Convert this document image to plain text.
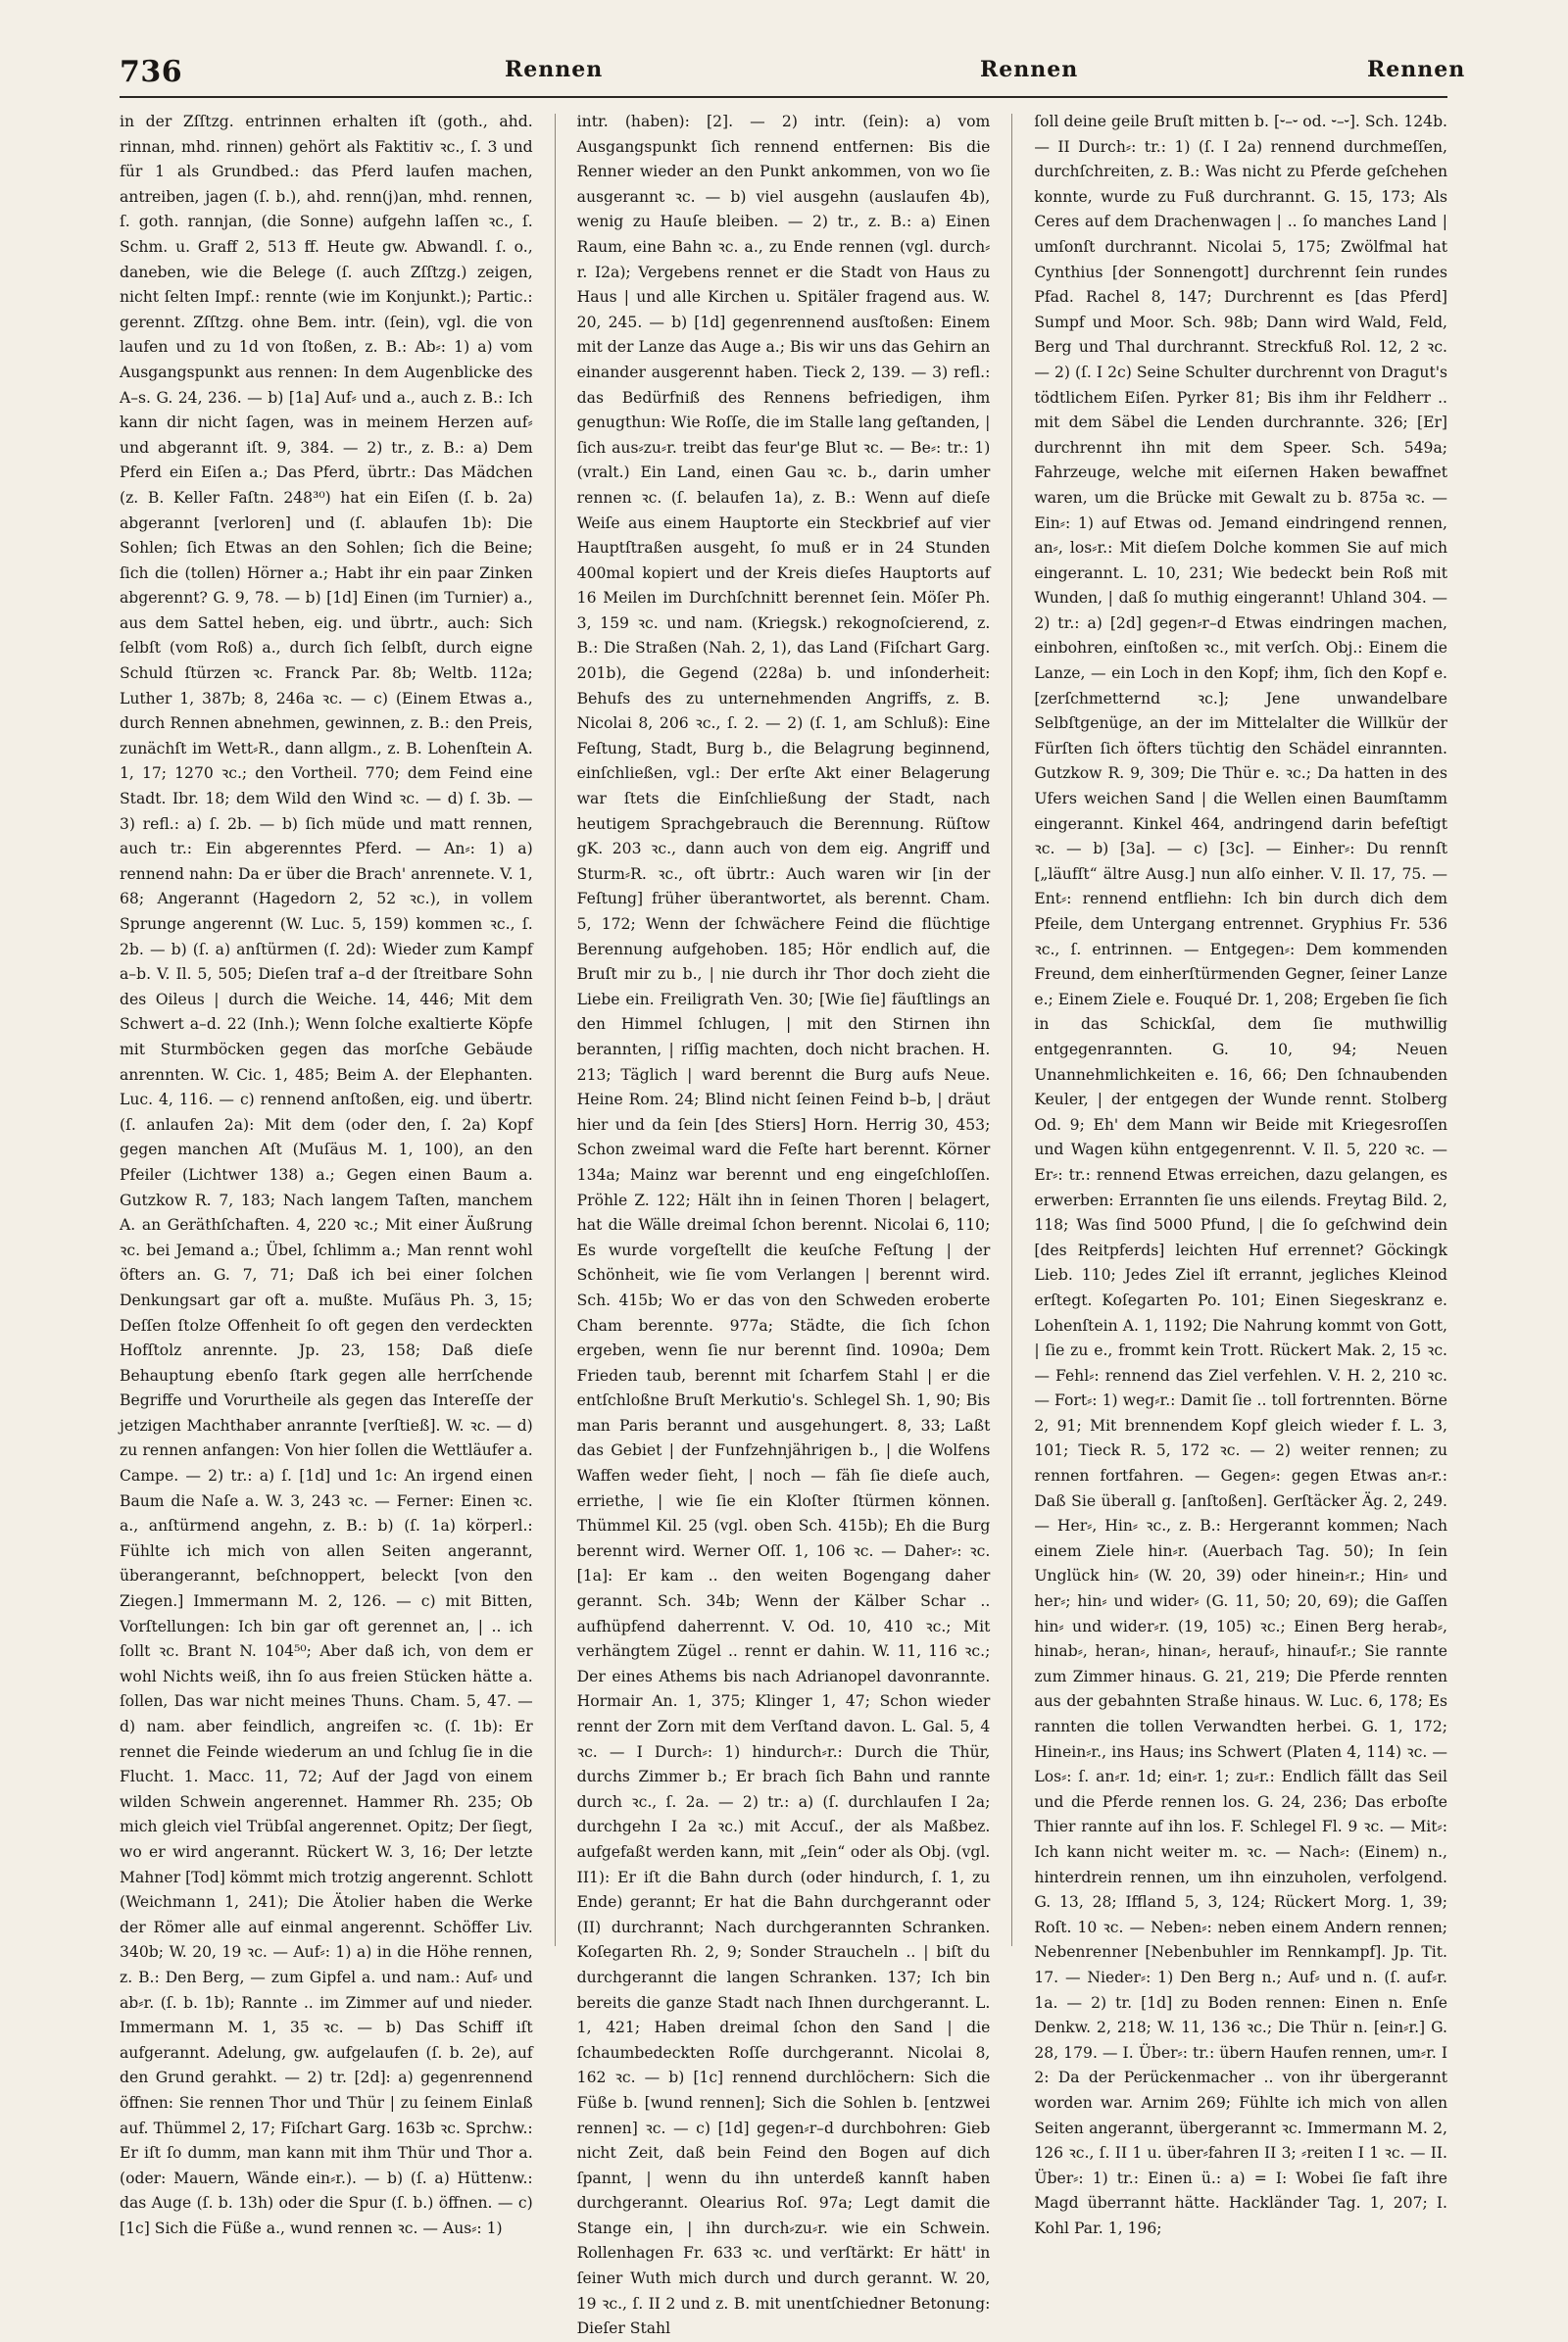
736	Rennen	Rennen	Rennen

in der Zſſtzg. entrinnen erhalten iſt (goth., ahd. rinnan, mhd. rinnen) gehört als Faktitiv ꝛc., ſ. 3 und für 1 als Grundbed.: das Pferd laufen machen, antreiben, jagen (ſ. b.), ahd. renn(j)an, mhd. rennen, ſ. goth. rannjan, (die Sonne) aufgehn laſſen ꝛc., ſ. Schm. u. Graff 2, 513 ff. Heute gw. Abwandl. ſ. o., daneben, wie die Belege (ſ. auch Zſſtzg.) zeigen, nicht ſelten Impf.: rennte (wie im Konjunkt.); Partic.: gerennt. Zſſtzg. ohne Bem. intr. (ſein), vgl. die von laufen und zu 1d von ſtoßen, z. B.: Ab⸗: 1) a) vom Ausgangspunkt aus rennen: In dem Augenblicke des A–s. G. 24, 236. — b) [1a] Auf⸗ und a., auch z. B.: Ich kann dir nicht ſagen, was in meinem Herzen auf⸗ und abgerannt iſt. 9, 384. — 2) tr., z. B.: a) Dem Pferd ein Eiſen a.; Das Pferd, übrtr.: Das Mädchen (z. B. Keller Faſtn. 248³⁰) hat ein Eiſen (ſ. b. 2a) abgerannt [verloren] und (ſ. ablaufen 1b): Die Sohlen; ſich Etwas an den Sohlen; ſich die Beine; ſich die (tollen) Hörner a.; Habt ihr ein paar Zinken abgerennt? G. 9, 78. — b) [1d] Einen (im Turnier) a., aus dem Sattel heben, eig. und übrtr., auch: Sich ſelbſt (vom Roß) a., durch ſich ſelbſt, durch eigne Schuld ſtürzen ꝛc. Franck Par. 8b; Weltb. 112a; Luther 1, 387b; 8, 246a ꝛc. — c) (Einem Etwas a., durch Rennen abnehmen, gewinnen, z. B.: den Preis, zunächſt im Wett⸗R., dann allgm., z. B. Lohenſtein A. 1, 17; 1270 ꝛc.; den Vortheil. 770; dem Feind eine Stadt. Ibr. 18; dem Wild den Wind ꝛc. — d) ſ. 3b. — 3) refl.: a) ſ. 2b. — b) ſich müde und matt rennen, auch tr.: Ein abgerenntes Pferd. — An⸗: 1) a) rennend nahn: Da er über die Brach' anrennete. V. 1, 68; Angerannt (Hagedorn 2, 52 ꝛc.), in vollem Sprunge angerennt (W. Luc. 5, 159) kommen ꝛc., ſ. 2b. — b) (ſ. a) anſtürmen (ſ. 2d): Wieder zum Kampf a–b. V. Il. 5, 505; Dieſen traf a–d der ſtreitbare Sohn des Oileus | durch die Weiche. 14, 446; Mit dem Schwert a–d. 22 (Inh.); Wenn ſolche exaltierte Köpfe mit Sturmböcken gegen das morſche Gebäude anrennten. W. Cic. 1, 485; Beim A. der Elephanten. Luc. 4, 116. — c) rennend anſtoßen, eig. und übertr. (ſ. anlaufen 2a): Mit dem (oder den, ſ. 2a) Kopf gegen manchen Aſt (Muſäus M. 1, 100), an den Pfeiler (Lichtwer 138) a.; Gegen einen Baum a. Gutzkow R. 7, 183; Nach langem Taſten, manchem A. an Geräthſchaften. 4, 220 ꝛc.; Mit einer Äußrung ꝛc. bei Jemand a.; Übel, ſchlimm a.; Man rennt wohl öfters an. G. 7, 71; Daß ich bei einer ſolchen Denkungsart gar oft a. mußte. Muſäus Ph. 3, 15; Deſſen ſtolze Offenheit ſo oft gegen den verdeckten Hofſtolz anrennte. Jp. 23, 158; Daß dieſe Behauptung ebenſo ſtark gegen alle herrſchende Begriffe und Vorurtheile als gegen das Intereſſe der jetzigen Machthaber anrannte [verſtieß]. W. ꝛc. — d) zu rennen anfangen: Von hier ſollen die Wettläufer a. Campe. — 2) tr.: a) ſ. [1d] und 1c: An irgend einen Baum die Naſe a. W. 3, 243 ꝛc. — Ferner: Einen ꝛc. a., anſtürmend angehn, z. B.: b) (ſ. 1a) körperl.: Fühlte ich mich von allen Seiten angerannt, überangerannt, beſchnoppert, beleckt [von den Ziegen.] Immermann M. 2, 126. — c) mit Bitten, Vorſtellungen: Ich bin gar oft gerennet an, | .. ich ſollt ꝛc. Brant N. 104⁵⁰; Aber daß ich, von dem er wohl Nichts weiß, ihn ſo aus freien Stücken hätte a. ſollen, Das war nicht meines Thuns. Cham. 5, 47. — d) nam. aber feindlich, angreifen ꝛc. (ſ. 1b): Er rennet die Feinde wiederum an und ſchlug ſie in die Flucht. 1. Macc. 11, 72; Auf der Jagd von einem wilden Schwein angerennet. Hammer Rh. 235; Ob mich gleich viel Trübſal angerennet. Opitz; Der ſiegt, wo er wird angerannt. Rückert W. 3, 16; Der letzte Mahner [Tod] kömmt mich trotzig angerennt. Schlott (Weichmann 1, 241); Die Ätolier haben die Werke der Römer alle auf einmal angerennt. Schöffer Liv. 340b; W. 20, 19 ꝛc. — Auf⸗: 1) a) in die Höhe rennen, z. B.: Den Berg, — zum Gipfel a. und nam.: Auf⸗ und ab⸗r. (ſ. b. 1b); Rannte .. im Zimmer auf und nieder. Immermann M. 1, 35 ꝛc. — b) Das Schiff iſt aufgerannt. Adelung, gw. aufgelaufen (ſ. b. 2e), auf den Grund gerahkt. — 2) tr. [2d]: a) gegenrennend öffnen: Sie rennen Thor und Thür | zu ſeinem Einlaß auf. Thümmel 2, 17; Fiſchart Garg. 163b ꝛc. Sprchw.: Er iſt ſo dumm, man kann mit ihm Thür und Thor a. (oder: Mauern, Wände ein⸗r.). — b) (ſ. a) Hüttenw.: das Auge (ſ. b. 13h) oder die Spur (ſ. b.) öffnen. — c) [1c] Sich die Füße a., wund rennen ꝛc. — Aus⸗: 1)

intr. (haben): [2]. — 2) intr. (ſein): a) vom Ausgangspunkt ſich rennend entfernen: Bis die Renner wieder an den Punkt ankommen, von wo ſie ausgerannt ꝛc. — b) viel ausgehn (auslaufen 4b), wenig zu Hauſe bleiben. — 2) tr., z. B.: a) Einen Raum, eine Bahn ꝛc. a., zu Ende rennen (vgl. durch⸗r. I2a); Vergebens rennet er die Stadt von Haus zu Haus | und alle Kirchen u. Spitäler fragend aus. W. 20, 245. — b) [1d] gegenrennend ausſtoßen: Einem mit der Lanze das Auge a.; Bis wir uns das Gehirn an einander ausgerennt haben. Tieck 2, 139. — 3) refl.: das Bedürfniß des Rennens befriedigen, ihm genugthun: Wie Roſſe, die im Stalle lang geſtanden, | ſich aus⸗zu⸗r. treibt das feur'ge Blut ꝛc. — Be⸗: tr.: 1) (vralt.) Ein Land, einen Gau ꝛc. b., darin umher rennen ꝛc. (ſ. belaufen 1a), z. B.: Wenn auf dieſe Weiſe aus einem Hauptorte ein Steckbrief auf vier Hauptſtraßen ausgeht, ſo muß er in 24 Stunden 400mal kopiert und der Kreis dieſes Hauptorts auf 16 Meilen im Durchſchnitt berennet ſein. Möſer Ph. 3, 159 ꝛc. und nam. (Kriegsk.) rekognoſcierend, z. B.: Die Straßen (Nah. 2, 1), das Land (Fiſchart Garg. 201b), die Gegend (228a) b. und inſonderheit: Behufs des zu unternehmenden Angriffs, z. B. Nicolai 8, 206 ꝛc., ſ. 2. — 2) (ſ. 1, am Schluß): Eine Feſtung, Stadt, Burg b., die Belagrung beginnend, einſchließen, vgl.: Der erſte Akt einer Belagerung war ſtets die Einſchließung der Stadt, nach heutigem Sprachgebrauch die Berennung. Rüſtow gK. 203 ꝛc., dann auch von dem eig. Angriff und Sturm⸗R. ꝛc., oft übrtr.: Auch waren wir [in der Feſtung] früher überantwortet, als berennt. Cham. 5, 172; Wenn der ſchwächere Feind die flüchtige Berennung aufgehoben. 185; Hör endlich auf, die Bruſt mir zu b., | nie durch ihr Thor doch zieht die Liebe ein. Freiligrath Ven. 30; [Wie ſie] fäuſtlings an den Himmel ſchlugen, | mit den Stirnen ihn berannten, | riſſig machten, doch nicht brachen. H. 213; Täglich | ward berennt die Burg aufs Neue. Heine Rom. 24; Blind nicht ſeinen Feind b–b, | dräut hier und da ſein [des Stiers] Horn. Herrig 30, 453; Schon zweimal ward die Feſte hart berennt. Körner 134a; Mainz war berennt und eng eingeſchloſſen. Pröhle Z. 122; Hält ihn in ſeinen Thoren | belagert, hat die Wälle dreimal ſchon berennt. Nicolai 6, 110; Es wurde vorgeſtellt die keuſche Feſtung | der Schönheit, wie ſie vom Verlangen | berennt wird. Sch. 415b; Wo er das von den Schweden eroberte Cham berennte. 977a; Städte, die ſich ſchon ergeben, wenn ſie nur berennt ſind. 1090a; Dem Frieden taub, berennt mit ſcharfem Stahl | er die entſchloßne Bruſt Merkutio's. Schlegel Sh. 1, 90; Bis man Paris berannt und ausgehungert. 8, 33; Laßt das Gebiet | der Funfzehnjährigen b., | die Wolfens Waffen weder ſieht, | noch — fäh ſie dieſe auch, erriethe, | wie ſie ein Kloſter ſtürmen können. Thümmel Kil. 25 (vgl. oben Sch. 415b); Eh die Burg berennt wird. Werner Oſſ. 1, 106 ꝛc. — Daher⸗: ꝛc. [1a]: Er kam .. den weiten Bogengang daher gerannt. Sch. 34b; Wenn der Kälber Schar .. aufhüpfend daherrennt. V. Od. 10, 410 ꝛc.; Mit verhängtem Zügel .. rennt er dahin. W. 11, 116 ꝛc.; Der eines Athems bis nach Adrianopel davonrannte. Hormair An. 1, 375; Klinger 1, 47; Schon wieder rennt der Zorn mit dem Verſtand davon. L. Gal. 5, 4 ꝛc. — I Durch⸗: 1) hindurch⸗r.: Durch die Thür, durchs Zimmer b.; Er brach ſich Bahn und rannte durch ꝛc., ſ. 2a. — 2) tr.: a) (ſ. durchlaufen I 2a; durchgehn I 2a ꝛc.) mit Accuſ., der als Maßbez. aufgefaßt werden kann, mit „ſein“ oder als Obj. (vgl. II1): Er iſt die Bahn durch (oder hindurch, ſ. 1, zu Ende) gerannt; Er hat die Bahn durchgerannt oder (II) durchrannt; Nach durchgerannten Schranken. Koſegarten Rh. 2, 9; Sonder Straucheln .. | biſt du durchgerannt die langen Schranken. 137; Ich bin bereits die ganze Stadt nach Ihnen durchgerannt. L. 1, 421; Haben dreimal ſchon den Sand | die ſchaumbedeckten Roſſe durchgerannt. Nicolai 8, 162 ꝛc. — b) [1c] rennend durchlöchern: Sich die Füße b. [wund rennen]; Sich die Sohlen b. [entzwei rennen] ꝛc. — c) [1d] gegen⸗r–d durchbohren: Gieb nicht Zeit, daß bein Feind den Bogen auf dich ſpannt, | wenn du ihn unterdeß kannſt haben durchgerannt. Olearius Roſ. 97a; Legt damit die Stange ein, | ihn durch⸗zu⸗r. wie ein Schwein. Rollenhagen Fr. 633 ꝛc. und verſtärkt: Er hätt' in ſeiner Wuth mich durch und durch gerannt. W. 20, 19 ꝛc., ſ. II 2 und z. B. mit unentſchiedner Betonung: Dieſer Stahl

ſoll deine geile Bruſt mitten b. [⏑–⏑ od. ⏑–⏑]. Sch. 124b. — II Durch⸗: tr.: 1) (ſ. I 2a) rennend durchmeſſen, durchſchreiten, z. B.: Was nicht zu Pferde geſchehen konnte, wurde zu Fuß durchrannt. G. 15, 173; Als Ceres auf dem Drachenwagen | .. ſo manches Land | umſonſt durchrannt. Nicolai 5, 175; Zwölfmal hat Cynthius [der Sonnengott] durchrennt ſein rundes Pfad. Rachel 8, 147; Durchrennt es [das Pferd] Sumpf und Moor. Sch. 98b; Dann wird Wald, Feld, Berg und Thal durchrannt. Streckfuß Rol. 12, 2 ꝛc. — 2) (ſ. I 2c) Seine Schulter durchrennt von Dragut's tödtlichem Eiſen. Pyrker 81; Bis ihm ihr Feldherr .. mit dem Säbel die Lenden durchrannte. 326; [Er] durchrennt ihn mit dem Speer. Sch. 549a; Fahrzeuge, welche mit eiſernen Haken bewaffnet waren, um die Brücke mit Gewalt zu b. 875a ꝛc. — Ein⸗: 1) auf Etwas od. Jemand eindringend rennen, an⸗, los⸗r.: Mit dieſem Dolche kommen Sie auf mich eingerannt. L. 10, 231; Wie bedeckt bein Roß mit Wunden, | daß ſo muthig eingerannt! Uhland 304. — 2) tr.: a) [2d] gegen⸗r–d Etwas eindringen machen, einbohren, einſtoßen ꝛc., mit verſch. Obj.: Einem die Lanze, — ein Loch in den Kopf; ihm, ſich den Kopf e. [zerſchmetternd ꝛc.]; Jene unwandelbare Selbſtgenüge, an der im Mittelalter die Willkür der Fürſten ſich öfters tüchtig den Schädel einrannten. Gutzkow R. 9, 309; Die Thür e. ꝛc.; Da hatten in des Ufers weichen Sand | die Wellen einen Baumſtamm eingerannt. Kinkel 464, andringend darin befeſtigt ꝛc. — b) [3a]. — c) [3c]. — Einher⸗: Du rennſt [„läufſt“ ältre Ausg.] nun alſo einher. V. Il. 17, 75. — Ent⸗: rennend entfliehn: Ich bin durch dich dem Pfeile, dem Untergang entrennet. Gryphius Fr. 536 ꝛc., ſ. entrinnen. — Entgegen⸗: Dem kommenden Freund, dem einherſtürmenden Gegner, ſeiner Lanze e.; Einem Ziele e. Fouqué Dr. 1, 208; Ergeben ſie ſich in das Schickſal, dem ſie muthwillig entgegenrannten. G. 10, 94; Neuen Unannehmlichkeiten e. 16, 66; Den ſchnaubenden Keuler, | der entgegen der Wunde rennt. Stolberg Od. 9; Eh' dem Mann wir Beide mit Kriegesroſſen und Wagen kühn entgegenrennt. V. Il. 5, 220 ꝛc. — Er⸗: tr.: rennend Etwas erreichen, dazu gelangen, es erwerben: Errannten ſie uns eilends. Freytag Bild. 2, 118; Was ſind 5000 Pfund, | die ſo geſchwind dein [des Reitpferds] leichten Huf errennet? Göckingk Lieb. 110; Jedes Ziel iſt errannt, jegliches Kleinod erſtegt. Koſegarten Po. 101; Einen Siegeskranz e. Lohenſtein A. 1, 1192; Die Nahrung kommt von Gott, | ſie zu e., frommt kein Trott. Rückert Mak. 2, 15 ꝛc. — Fehl⸗: rennend das Ziel verfehlen. V. H. 2, 210 ꝛc. — Fort⸗: 1) weg⸗r.: Damit ſie .. toll fortrennten. Börne 2, 91; Mit brennendem Kopf gleich wieder f. L. 3, 101; Tieck R. 5, 172 ꝛc. — 2) weiter rennen; zu rennen fortfahren. — Gegen⸗: gegen Etwas an⸗r.: Daß Sie überall g. [anſtoßen]. Gerſtäcker Äg. 2, 249. — Her⸗, Hin⸗ ꝛc., z. B.: Hergerannt kommen; Nach einem Ziele hin⸗r. (Auerbach Tag. 50); In ſein Unglück hin⸗ (W. 20, 39) oder hinein⸗r.; Hin⸗ und her⸗; hin⸗ und wider⸗ (G. 11, 50; 20, 69); die Gaſſen hin⸗ und wider⸗r. (19, 105) ꝛc.; Einen Berg herab⸗, hinab⸗, heran⸗, hinan⸗, herauf⸗, hinauf⸗r.; Sie rannte zum Zimmer hinaus. G. 21, 219; Die Pferde rennten aus der gebahnten Straße hinaus. W. Luc. 6, 178; Es rannten die tollen Verwandten herbei. G. 1, 172; Hinein⸗r., ins Haus; ins Schwert (Platen 4, 114) ꝛc. — Los⸗: ſ. an⸗r. 1d; ein⸗r. 1; zu⸗r.: Endlich fällt das Seil und die Pferde rennen los. G. 24, 236; Das erboſte Thier rannte auf ihn los. F. Schlegel Fl. 9 ꝛc. — Mit⸗: Ich kann nicht weiter m. ꝛc. — Nach⸗: (Einem) n., hinterdrein rennen, um ihn einzuholen, verfolgend. G. 13, 28; Iffland 5, 3, 124; Rückert Morg. 1, 39; Roſt. 10 ꝛc. — Neben⸗: neben einem Andern rennen; Nebenrenner [Nebenbuhler im Rennkampf]. Jp. Tit. 17. — Nieder⸗: 1) Den Berg n.; Auf⸗ und n. (ſ. auf⸗r. 1a. — 2) tr. [1d] zu Boden rennen: Einen n. Enſe Denkw. 2, 218; W. 11, 136 ꝛc.; Die Thür n. [ein⸗r.] G. 28, 179. — I. Über⸗: tr.: übern Haufen rennen, um⸗r. I 2: Da der Perückenmacher .. von ihr übergerannt worden war. Arnim 269; Fühlte ich mich von allen Seiten angerannt, übergerannt ꝛc. Immermann M. 2, 126 ꝛc., ſ. II 1 u. über⸗fahren II 3; ⸗reiten I 1 ꝛc. — II. Über⸗: 1) tr.: Einen ü.: a) = I: Wobei ſie faſt ihre Magd überrannt hätte. Hackländer Tag. 1, 207; I. Kohl Par. 1, 196;
